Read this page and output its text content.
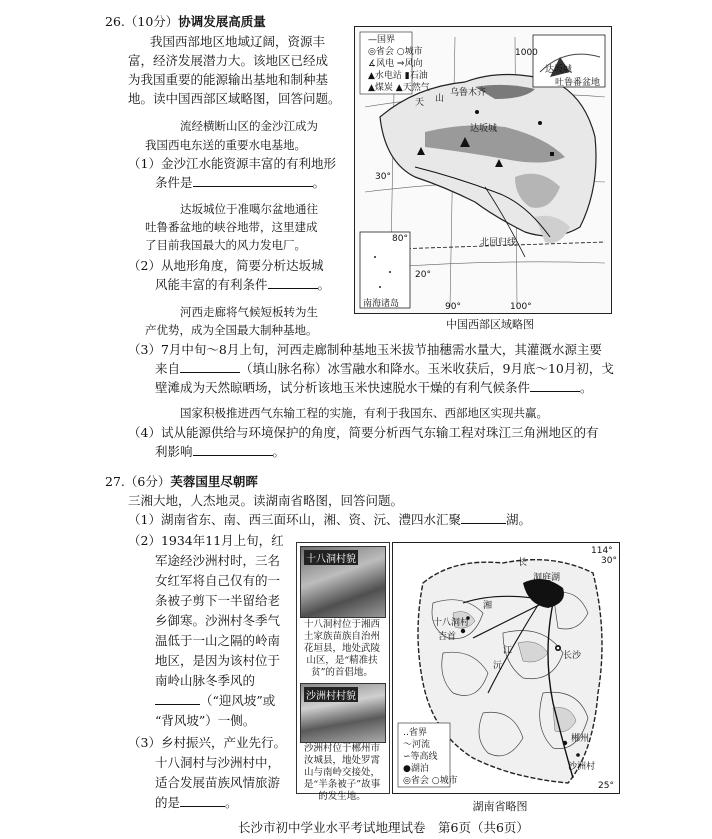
26.（10分）协调发展高质量
我国西部地区地域辽阔，资源丰
富，经济发展潜力大。该地区已经成
为我国重要的能源输出基地和制种基
地。读中国西部区域略图，回答问题。
流经横断山区的金沙江成为
我国西电东送的重要水电基地。
（1）金沙江水能资源丰富的有利地形
条件是	。
达坂城位于准噶尔盆地通往
吐鲁番盆地的峡谷地带，这里建成
了目前我国最大的风力发电厂。
（2）从地形角度，简要分析达坂城
风能丰富的有利条件	。
河西走廊将气候短板转为生
产优势，成为全国最大制种基地。
—国界
◎省会 ○城市
∡风电 ⇒风向
▲水电站 ▮石油
▲煤炭 ▲天然气 乌鲁木齐
达坂城
达坂城
吐鲁番盆地
1000
天 山
北回归线
南海诸岛
30°
20°
80°
90°	100°
中国西部区域略图
（3）7月中旬～8月上旬，河西走廊制种基地玉米拔节抽穗需水量大，其灌溉水源主要
来自	（填山脉名称）冰雪融水和降水。玉米收获后，9月底～10月初，戈
壁滩成为天然晾晒场，试分析该地玉米快速脱水干燥的有利气候条件	。
国家积极推进西气东输工程的实施，有利于我国东、西部地区实现共赢。
（4）试从能源供给与环境保护的角度，简要分析西气东输工程对珠江三角洲地区的有
利影响	。
27.（6分）芙蓉国里尽朝晖
三湘大地，人杰地灵。读湖南省略图，回答问题。
（1）湖南省东、南、西三面环山，湘、资、沅、澧四水汇聚	湖。
（2）1934年11月上旬，红
军途经沙洲村时，三名
女红军将自己仅有的一
条被子剪下一半留给老
乡御寒。沙洲村冬季气
温低于一山之隔的岭南
地区，是因为该村位于
南岭山脉冬季风的
（“迎风坡”或
“背风坡”）一侧。
（3）乡村振兴，产业先行。
十八洞村与沙洲村中，
适合发展苗族风情旅游
的是	。
十八洞村貌
十八洞村位于湘西土家族苗族自治州花垣县，地处武陵山区，是“精准扶贫”的首倡地。
沙洲村村貌
沙洲村位于郴州市汝城县，地处罗霄山与南岭交接处，是“半条被子”故事的发生地。
‥省界
～河流
∽等高线
●湖泊
◎省会 ○城市
长
洞庭湖
湘
十八洞村
吉首
沅
江	长沙
郴州
沙洲村
114°
30°
25°
湖南省略图
长沙市初中学业水平考试地理试卷　第6页（共6页）
